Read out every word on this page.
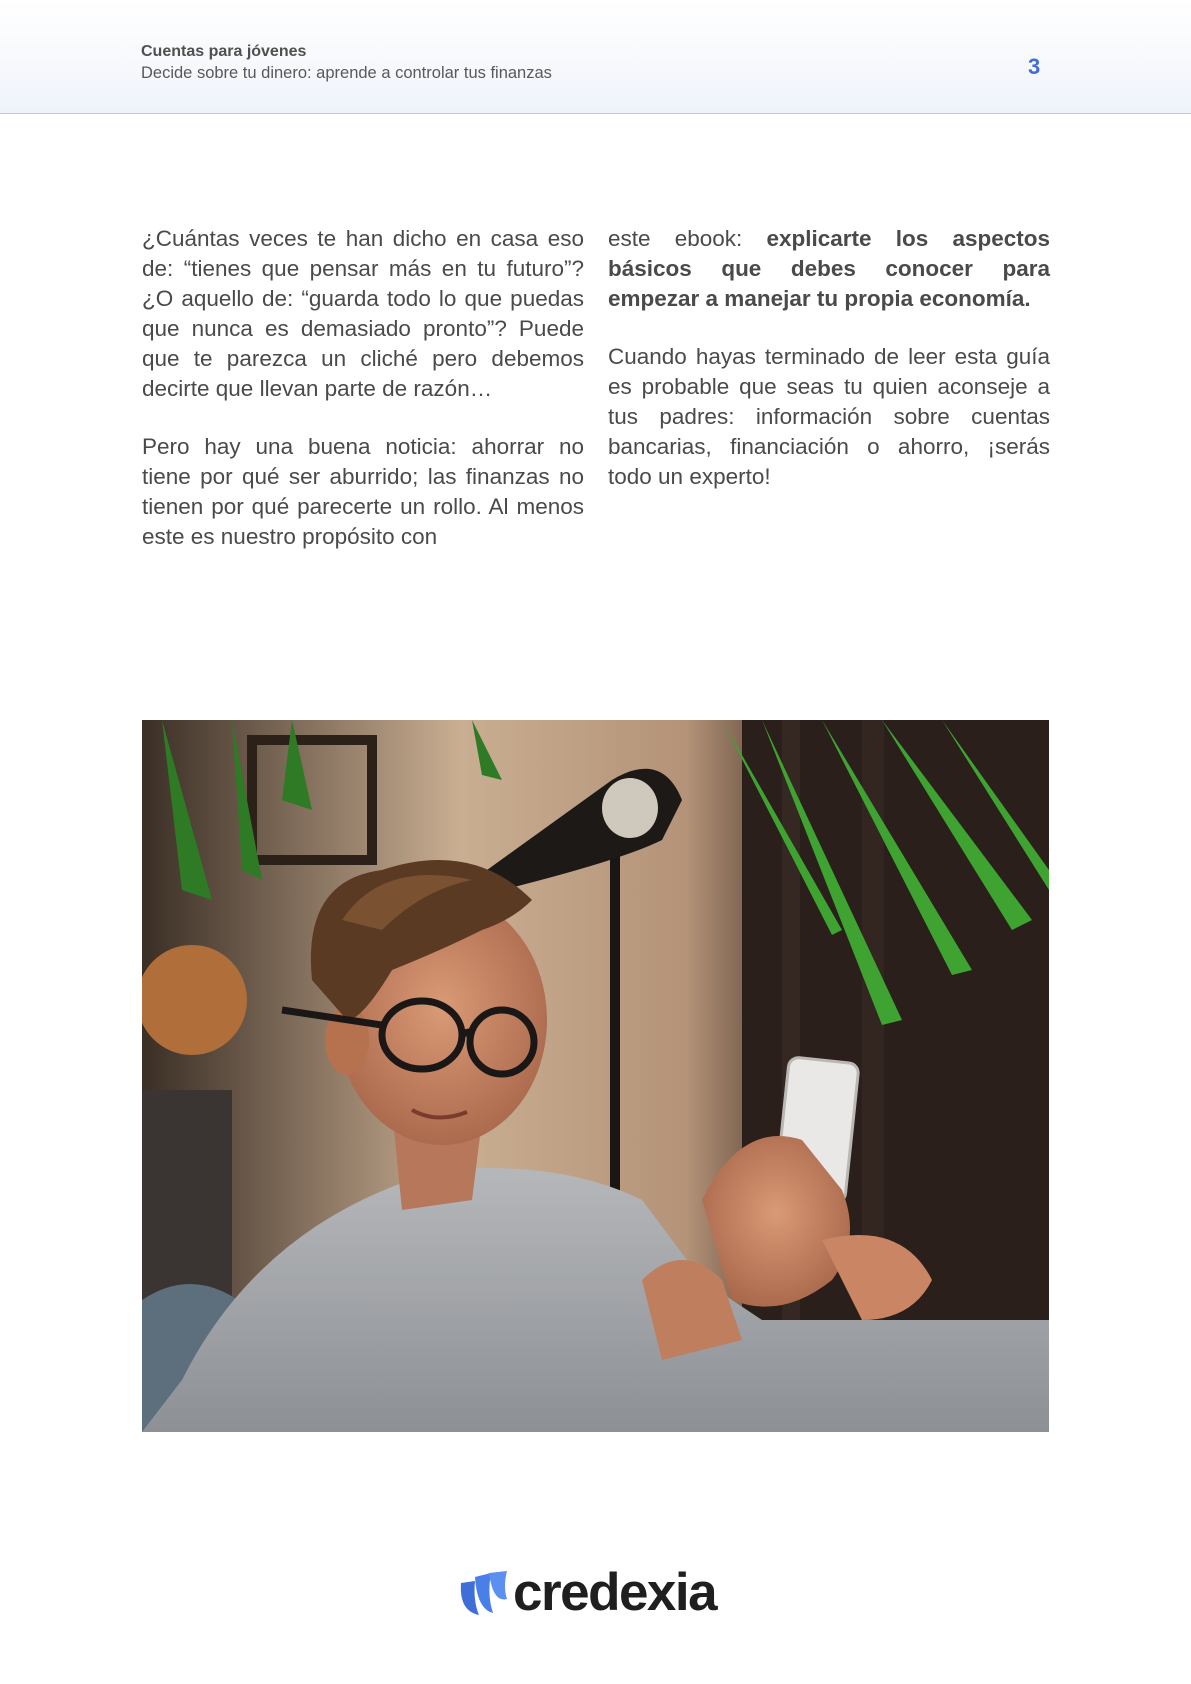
Cuentas para jóvenes
Decide sobre tu dinero: aprende a controlar tus finanzas	3

¿Cuántas veces te han dicho en casa eso de: “tienes que pensar más en tu futuro”? ¿O aquello de: “guarda todo lo que puedas que nunca es demasiado pronto”? Puede que te parezca un cliché pero debemos decirte que llevan parte de razón…

Pero hay una buena noticia: ahorrar no tiene por qué ser aburrido; las finanzas no tienen por qué parecerte un rollo. Al menos este es nuestro propósito con

este ebook: explicarte los aspectos básicos que debes conocer para empezar a manejar tu propia economía.

Cuando hayas terminado de leer esta guía es probable que seas tu quien aconseje a tus padres: información sobre cuentas bancarias, financiación o ahorro, ¡serás todo un experto!

credexia
